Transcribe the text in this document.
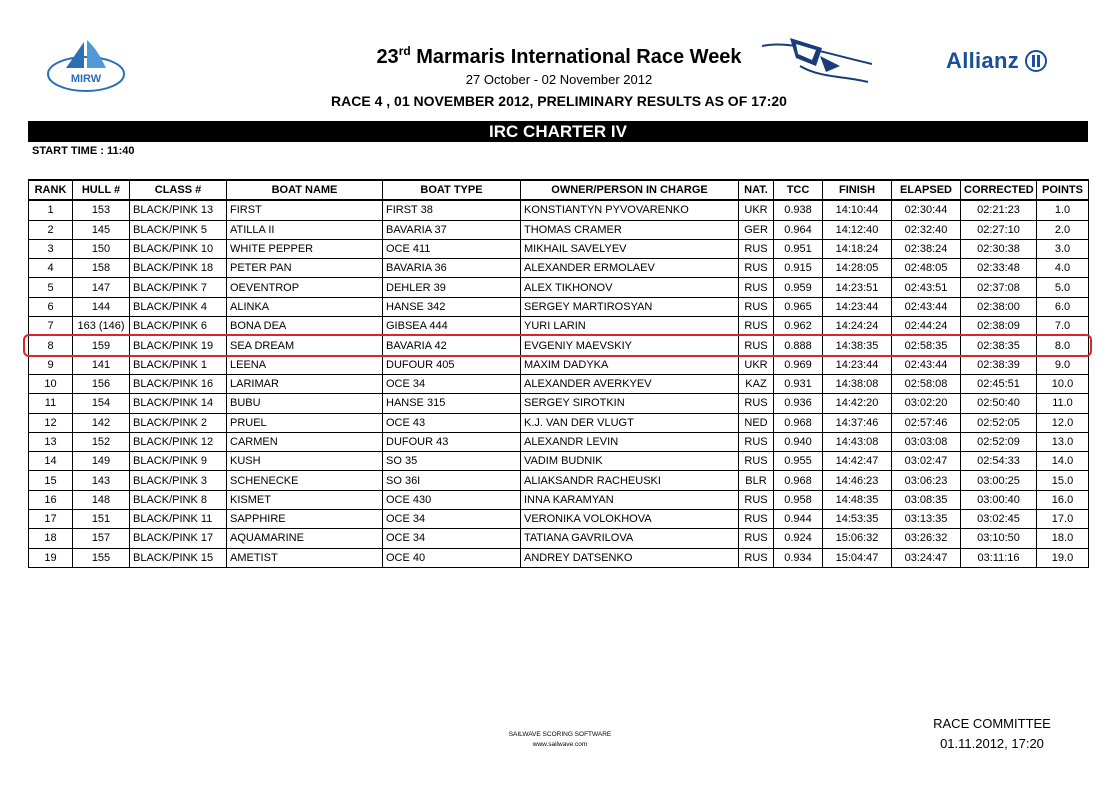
MIRW
23rd Marmaris International Race Week
27 October - 02 November 2012
RACE 4 , 01 NOVEMBER 2012, PRELIMINARY RESULTS AS OF 17:20
Allianz
IRC CHARTER IV
START TIME : 11:40
RANK	HULL #	CLASS #	BOAT NAME	BOAT TYPE	OWNER/PERSON IN CHARGE	NAT.	TCC	FINISH	ELAPSED	CORRECTED	POINTS
1	153	BLACK/PINK 13	FIRST	FIRST 38	KONSTIANTYN PYVOVARENKO	UKR	0.938	14:10:44	02:30:44	02:21:23	1.0
2	145	BLACK/PINK 5	ATILLA II	BAVARIA 37	THOMAS CRAMER	GER	0.964	14:12:40	02:32:40	02:27:10	2.0
3	150	BLACK/PINK 10	WHITE PEPPER	OCE 411	MIKHAIL SAVELYEV	RUS	0.951	14:18:24	02:38:24	02:30:38	3.0
4	158	BLACK/PINK 18	PETER PAN	BAVARIA 36	ALEXANDER ERMOLAEV	RUS	0.915	14:28:05	02:48:05	02:33:48	4.0
5	147	BLACK/PINK 7	OEVENTROP	DEHLER 39	ALEX TIKHONOV	RUS	0.959	14:23:51	02:43:51	02:37:08	5.0
6	144	BLACK/PINK 4	ALINKA	HANSE 342	SERGEY MARTIROSYAN	RUS	0.965	14:23:44	02:43:44	02:38:00	6.0
7	163 (146)	BLACK/PINK 6	BONA DEA	GIBSEA 444	YURI LARIN	RUS	0.962	14:24:24	02:44:24	02:38:09	7.0
8	159	BLACK/PINK 19	SEA DREAM	BAVARIA 42	EVGENIY MAEVSKIY	RUS	0.888	14:38:35	02:58:35	02:38:35	8.0
9	141	BLACK/PINK 1	LEENA	DUFOUR 405	MAXIM DADYKA	UKR	0.969	14:23:44	02:43:44	02:38:39	9.0
10	156	BLACK/PINK 16	LARIMAR	OCE 34	ALEXANDER AVERKYEV	KAZ	0.931	14:38:08	02:58:08	02:45:51	10.0
11	154	BLACK/PINK 14	BUBU	HANSE 315	SERGEY SIROTKIN	RUS	0.936	14:42:20	03:02:20	02:50:40	11.0
12	142	BLACK/PINK 2	PRUEL	OCE 43	K.J. VAN DER VLUGT	NED	0.968	14:37:46	02:57:46	02:52:05	12.0
13	152	BLACK/PINK 12	CARMEN	DUFOUR 43	ALEXANDR LEVIN	RUS	0.940	14:43:08	03:03:08	02:52:09	13.0
14	149	BLACK/PINK 9	KUSH	SO 35	VADIM BUDNIK	RUS	0.955	14:42:47	03:02:47	02:54:33	14.0
15	143	BLACK/PINK 3	SCHENECKE	SO 36I	ALIAKSANDR RACHEUSKI	BLR	0.968	14:46:23	03:06:23	03:00:25	15.0
16	148	BLACK/PINK 8	KISMET	OCE 430	INNA KARAMYAN	RUS	0.958	14:48:35	03:08:35	03:00:40	16.0
17	151	BLACK/PINK 11	SAPPHIRE	OCE 34	VERONIKA VOLOKHOVA	RUS	0.944	14:53:35	03:13:35	03:02:45	17.0
18	157	BLACK/PINK 17	AQUAMARINE	OCE 34	TATIANA GAVRILOVA	RUS	0.924	15:06:32	03:26:32	03:10:50	18.0
19	155	BLACK/PINK 15	AMETIST	OCE 40	ANDREY DATSENKO	RUS	0.934	15:04:47	03:24:47	03:11:16	19.0
SAILWAVE SCORING SOFTWARE
www.sailwave.com
RACE COMMITTEE
01.11.2012, 17:20
